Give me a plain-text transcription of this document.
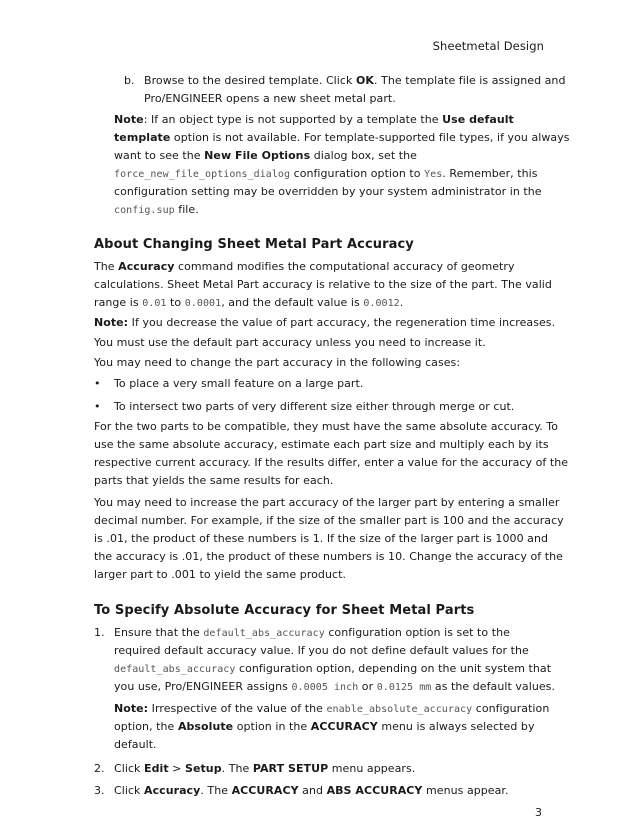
Sheetmetal Design
b. Browse to the desired template. Click OK. The template file is assigned and
Pro/ENGINEER opens a new sheet metal part.
Note: If an object type is not supported by a template the Use default
template option is not available. For template-supported file types, if you always
want to see the New File Options dialog box, set the
force_new_file_options_dialog configuration option to Yes. Remember, this
configuration setting may be overridden by your system administrator in the
config.sup file.
About Changing Sheet Metal Part Accuracy
The Accuracy command modifies the computational accuracy of geometry
calculations. Sheet Metal Part accuracy is relative to the size of the part. The valid
range is 0.01 to 0.0001, and the default value is 0.0012.
Note: If you decrease the value of part accuracy, the regeneration time increases.
You must use the default part accuracy unless you need to increase it.
You may need to change the part accuracy in the following cases:
• To place a very small feature on a large part.
• To intersect two parts of very different size either through merge or cut.
For the two parts to be compatible, they must have the same absolute accuracy. To
use the same absolute accuracy, estimate each part size and multiply each by its
respective current accuracy. If the results differ, enter a value for the accuracy of the
parts that yields the same results for each.
You may need to increase the part accuracy of the larger part by entering a smaller
decimal number. For example, if the size of the smaller part is 100 and the accuracy
is .01, the product of these numbers is 1. If the size of the larger part is 1000 and
the accuracy is .01, the product of these numbers is 10. Change the accuracy of the
larger part to .001 to yield the same product.
To Specify Absolute Accuracy for Sheet Metal Parts
1. Ensure that the default_abs_accuracy configuration option is set to the
required default accuracy value. If you do not define default values for the
default_abs_accuracy configuration option, depending on the unit system that
you use, Pro/ENGINEER assigns 0.0005 inch or 0.0125 mm as the default values.
Note: Irrespective of the value of the enable_absolute_accuracy configuration
option, the Absolute option in the ACCURACY menu is always selected by
default.
2. Click Edit > Setup. The PART SETUP menu appears.
3. Click Accuracy. The ACCURACY and ABS ACCURACY menus appear.
3
